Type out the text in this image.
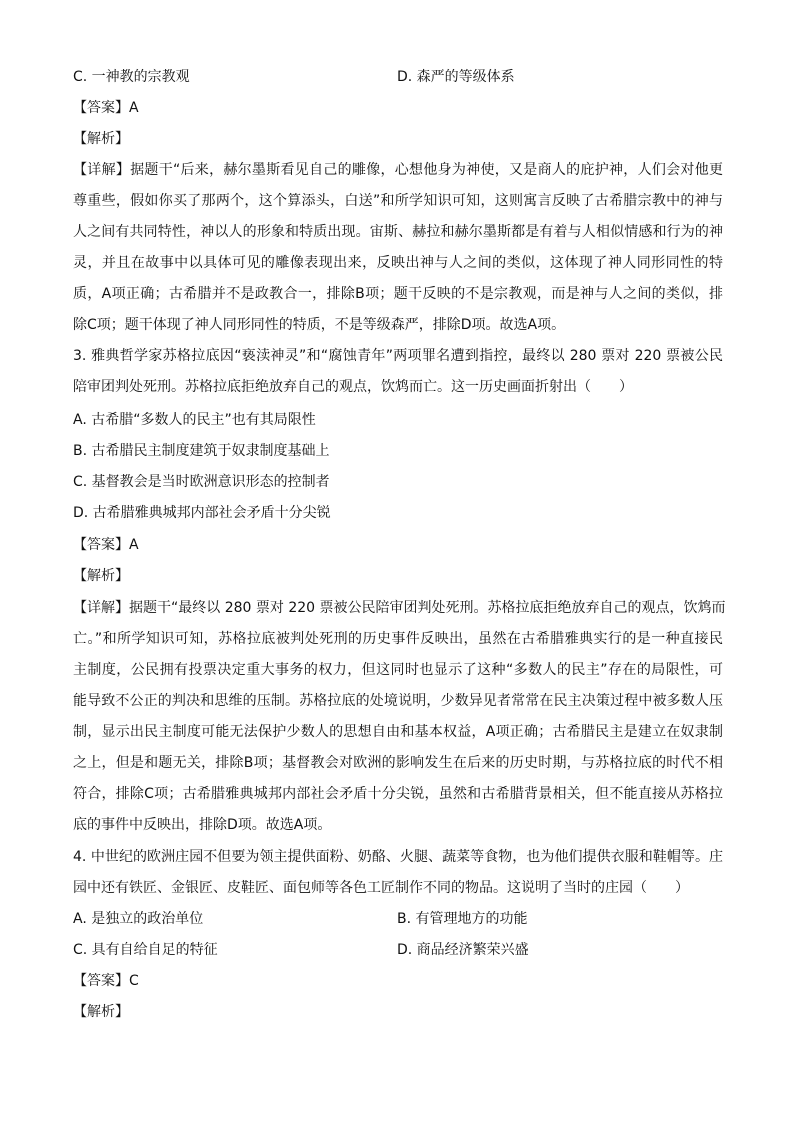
C. 一神教的宗教观	D. 森严的等级体系
【答案】A
【解析】
【详解】据题干“后来，赫尔墨斯看见自己的雕像，心想他身为神使，又是商人的庇护神，人们会对他更
尊重些，假如你买了那两个，这个算添头，白送”和所学知识可知，这则寓言反映了古希腊宗教中的神与
人之间有共同特性，神以人的形象和特质出现。宙斯、赫拉和赫尔墨斯都是有着与人相似情感和行为的神
灵，并且在故事中以具体可见的雕像表现出来，反映出神与人之间的类似，这体现了神人同形同性的特
质，A项正确；古希腊并不是政教合一，排除B项；题干反映的不是宗教观，而是神与人之间的类似，排
除C项；题干体现了神人同形同性的特质，不是等级森严，排除D项。故选A项。
3. 雅典哲学家苏格拉底因“亵渎神灵”和“腐蚀青年”两项罪名遭到指控，最终以 280 票对 220 票被公民
陪审团判处死刑。苏格拉底拒绝放弃自己的观点，饮鸩而亡。这一历史画面折射出（　　）
A. 古希腊“多数人的民主”也有其局限性
B. 古希腊民主制度建筑于奴隶制度基础上
C. 基督教会是当时欧洲意识形态的控制者
D. 古希腊雅典城邦内部社会矛盾十分尖锐
【答案】A
【解析】
【详解】据题干“最终以 280 票对 220 票被公民陪审团判处死刑。苏格拉底拒绝放弃自己的观点，饮鸩而
亡。”和所学知识可知，苏格拉底被判处死刑的历史事件反映出，虽然在古希腊雅典实行的是一种直接民
主制度，公民拥有投票决定重大事务的权力，但这同时也显示了这种“多数人的民主”存在的局限性，可
能导致不公正的判决和思维的压制。苏格拉底的处境说明，少数异见者常常在民主决策过程中被多数人压
制，显示出民主制度可能无法保护少数人的思想自由和基本权益，A项正确；古希腊民主是建立在奴隶制
之上，但是和题无关，排除B项；基督教会对欧洲的影响发生在后来的历史时期，与苏格拉底的时代不相
符合，排除C项；古希腊雅典城邦内部社会矛盾十分尖锐，虽然和古希腊背景相关，但不能直接从苏格拉
底的事件中反映出，排除D项。故选A项。
4. 中世纪的欧洲庄园不但要为领主提供面粉、奶酪、火腿、蔬菜等食物，也为他们提供衣服和鞋帽等。庄
园中还有铁匠、金银匠、皮鞋匠、面包师等各色工匠制作不同的物品。这说明了当时的庄园（　　）
A. 是独立的政治单位	B. 有管理地方的功能
C. 具有自给自足的特征	D. 商品经济繁荣兴盛
【答案】C
【解析】
